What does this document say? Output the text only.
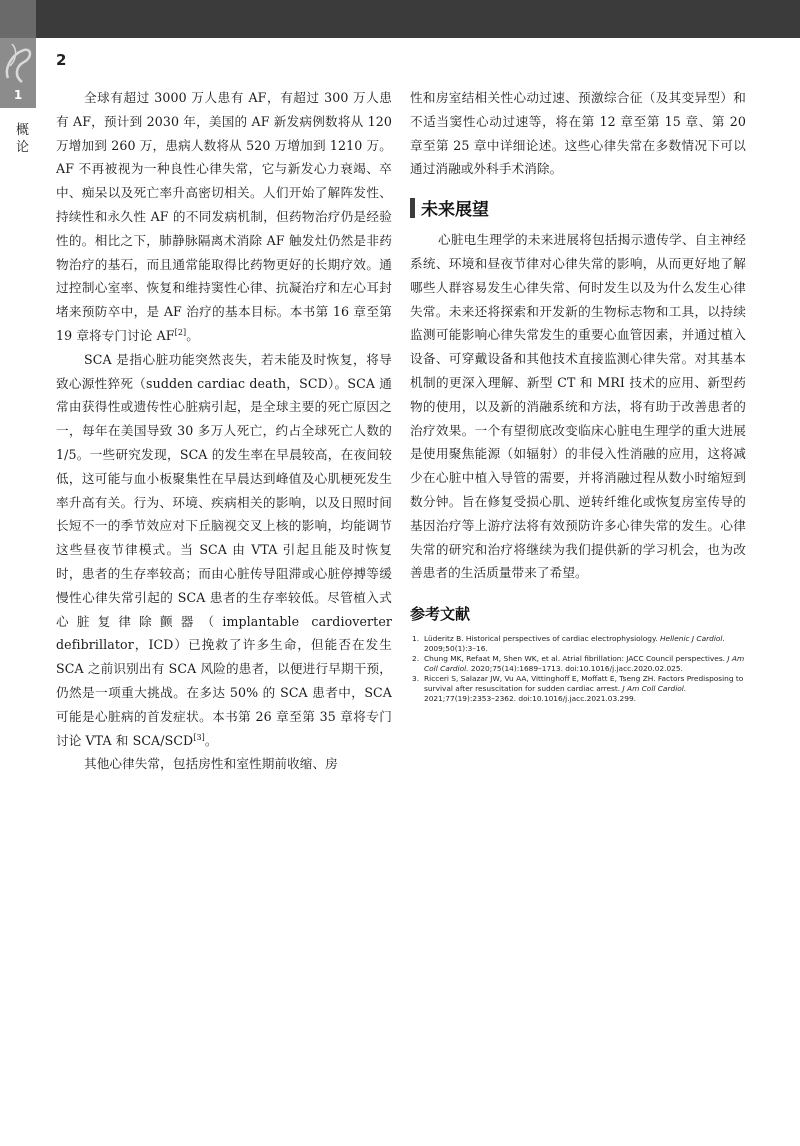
1
概论
2

全球有超过 3000 万人患有 AF，有超过 300 万人患有 AF，预计到 2030 年，美国的 AF 新发病例数将从 120 万增加到 260 万，患病人数将从 520 万增加到 1210 万。AF 不再被视为一种良性心律失常，它与新发心力衰竭、卒中、痴呆以及死亡率升高密切相关。人们开始了解阵发性、持续性和永久性 AF 的不同发病机制，但药物治疗仍是经验性的。相比之下，肺静脉隔离术消除 AF 触发灶仍然是非药物治疗的基石，而且通常能取得比药物更好的长期疗效。通过控制心室率、恢复和维持窦性心律、抗凝治疗和左心耳封堵来预防卒中，是 AF 治疗的基本目标。本书第 16 章至第 19 章将专门讨论 AF[2]。

SCA 是指心脏功能突然丧失，若未能及时恢复，将导致心源性猝死（sudden cardiac death，SCD）。SCA 通常由获得性或遗传性心脏病引起，是全球主要的死亡原因之一，每年在美国导致 30 多万人死亡，约占全球死亡人数的 1/5。一些研究发现，SCA 的发生率在早晨较高，在夜间较低，这可能与血小板聚集性在早晨达到峰值及心肌梗死发生率升高有关。行为、环境、疾病相关的影响，以及日照时间长短不一的季节效应对下丘脑视交叉上核的影响，均能调节这些昼夜节律模式。当 SCA 由 VTA 引起且能及时恢复时，患者的生存率较高；而由心脏传导阻滞或心脏停搏等缓慢性心律失常引起的 SCA 患者的生存率较低。尽管植入式心脏复律除颤器（implantable cardioverter defibrillator，ICD）已挽救了许多生命，但能否在发生 SCA 之前识别出有 SCA 风险的患者，以便进行早期干预，仍然是一项重大挑战。在多达 50% 的 SCA 患者中，SCA 可能是心脏病的首发症状。本书第 26 章至第 35 章将专门讨论 VTA 和 SCA/SCD[3]。

其他心律失常，包括房性和室性期前收缩、房

性和房室结相关性心动过速、预激综合征（及其变异型）和不适当窦性心动过速等，将在第 12 章至第 15 章、第 20 章至第 25 章中详细论述。这些心律失常在多数情况下可以通过消融或外科手术消除。

未来展望

心脏电生理学的未来进展将包括揭示遗传学、自主神经系统、环境和昼夜节律对心律失常的影响，从而更好地了解哪些人群容易发生心律失常、何时发生以及为什么发生心律失常。未来还将探索和开发新的生物标志物和工具，以持续监测可能影响心律失常发生的重要心血管因素，并通过植入设备、可穿戴设备和其他技术直接监测心律失常。对其基本机制的更深入理解、新型 CT 和 MRI 技术的应用、新型药物的使用，以及新的消融系统和方法，将有助于改善患者的治疗效果。一个有望彻底改变临床心脏电生理学的重大进展是使用聚焦能源（如辐射）的非侵入性消融的应用，这将减少在心脏中植入导管的需要，并将消融过程从数小时缩短到数分钟。旨在修复受损心肌、逆转纤维化或恢复房室传导的基因治疗等上游疗法将有效预防许多心律失常的发生。心律失常的研究和治疗将继续为我们提供新的学习机会，也为改善患者的生活质量带来了希望。

参考文献
1. Lüderitz B. Historical perspectives of cardiac electrophysiology. Hellenic J Cardiol. 2009;50(1):3–16.
2. Chung MK, Refaat M, Shen WK, et al. Atrial fibrillation: JACC Council perspectives. J Am Coll Cardiol. 2020;75(14):1689–1713. doi:10.1016/j.jacc.2020.02.025.
3. Ricceri S, Salazar JW, Vu AA, Vittinghoff E, Moffatt E, Tseng ZH. Factors Predisposing to survival after resuscitation for sudden cardiac arrest. J Am Coll Cardiol. 2021;77(19):2353–2362. doi:10.1016/j.jacc.2021.03.299.
